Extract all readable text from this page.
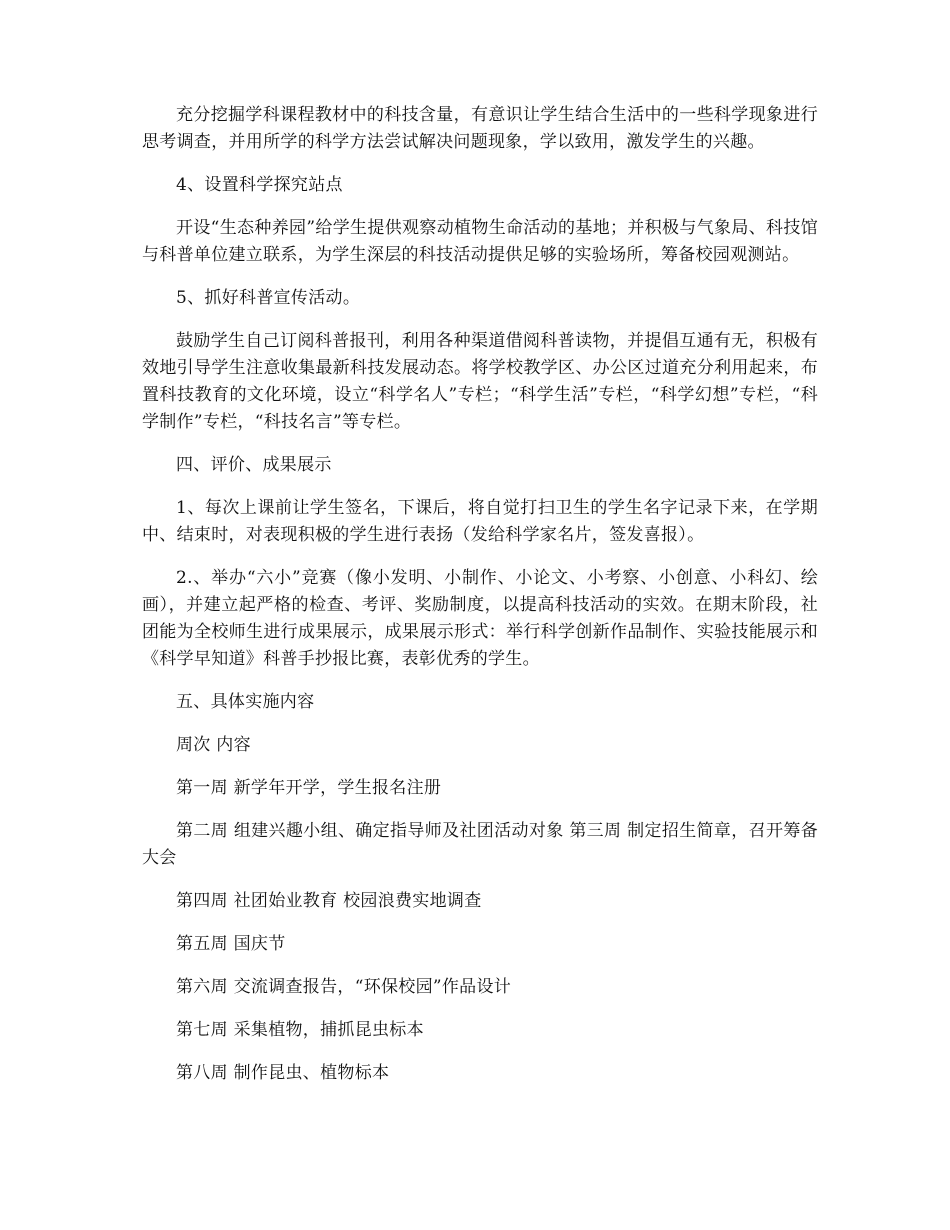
充分挖掘学科课程教材中的科技含量，有意识让学生结合生活中的一些科学现象进行思考调查，并用所学的科学方法尝试解决问题现象，学以致用，激发学生的兴趣。

4、设置科学探究站点

开设“生态种养园”给学生提供观察动植物生命活动的基地；并积极与气象局、科技馆与科普单位建立联系，为学生深层的科技活动提供足够的实验场所，筹备校园观测站。

5、抓好科普宣传活动。

鼓励学生自己订阅科普报刊，利用各种渠道借阅科普读物，并提倡互通有无，积极有效地引导学生注意收集最新科技发展动态。将学校教学区、办公区过道充分利用起来，布置科技教育的文化环境，设立“科学名人”专栏；“科学生活”专栏，“科学幻想”专栏，“科学制作”专栏，“科技名言”等专栏。

四、评价、成果展示

1、每次上课前让学生签名，下课后，将自觉打扫卫生的学生名字记录下来，在学期中、结束时，对表现积极的学生进行表扬（发给科学家名片，签发喜报）。

2.、举办“六小”竞赛（像小发明、小制作、小论文、小考察、小创意、小科幻、绘画），并建立起严格的检查、考评、奖励制度，以提高科技活动的实效。在期末阶段，社团能为全校师生进行成果展示，成果展示形式：举行科学创新作品制作、实验技能展示和《科学早知道》科普手抄报比赛，表彰优秀的学生。

五、具体实施内容

周次 内容

第一周 新学年开学，学生报名注册

第二周 组建兴趣小组、确定指导师及社团活动对象 第三周 制定招生简章，召开筹备大会

第四周 社团始业教育 校园浪费实地调查

第五周 国庆节

第六周 交流调查报告，“环保校园”作品设计

第七周 采集植物，捕抓昆虫标本

第八周 制作昆虫、植物标本
